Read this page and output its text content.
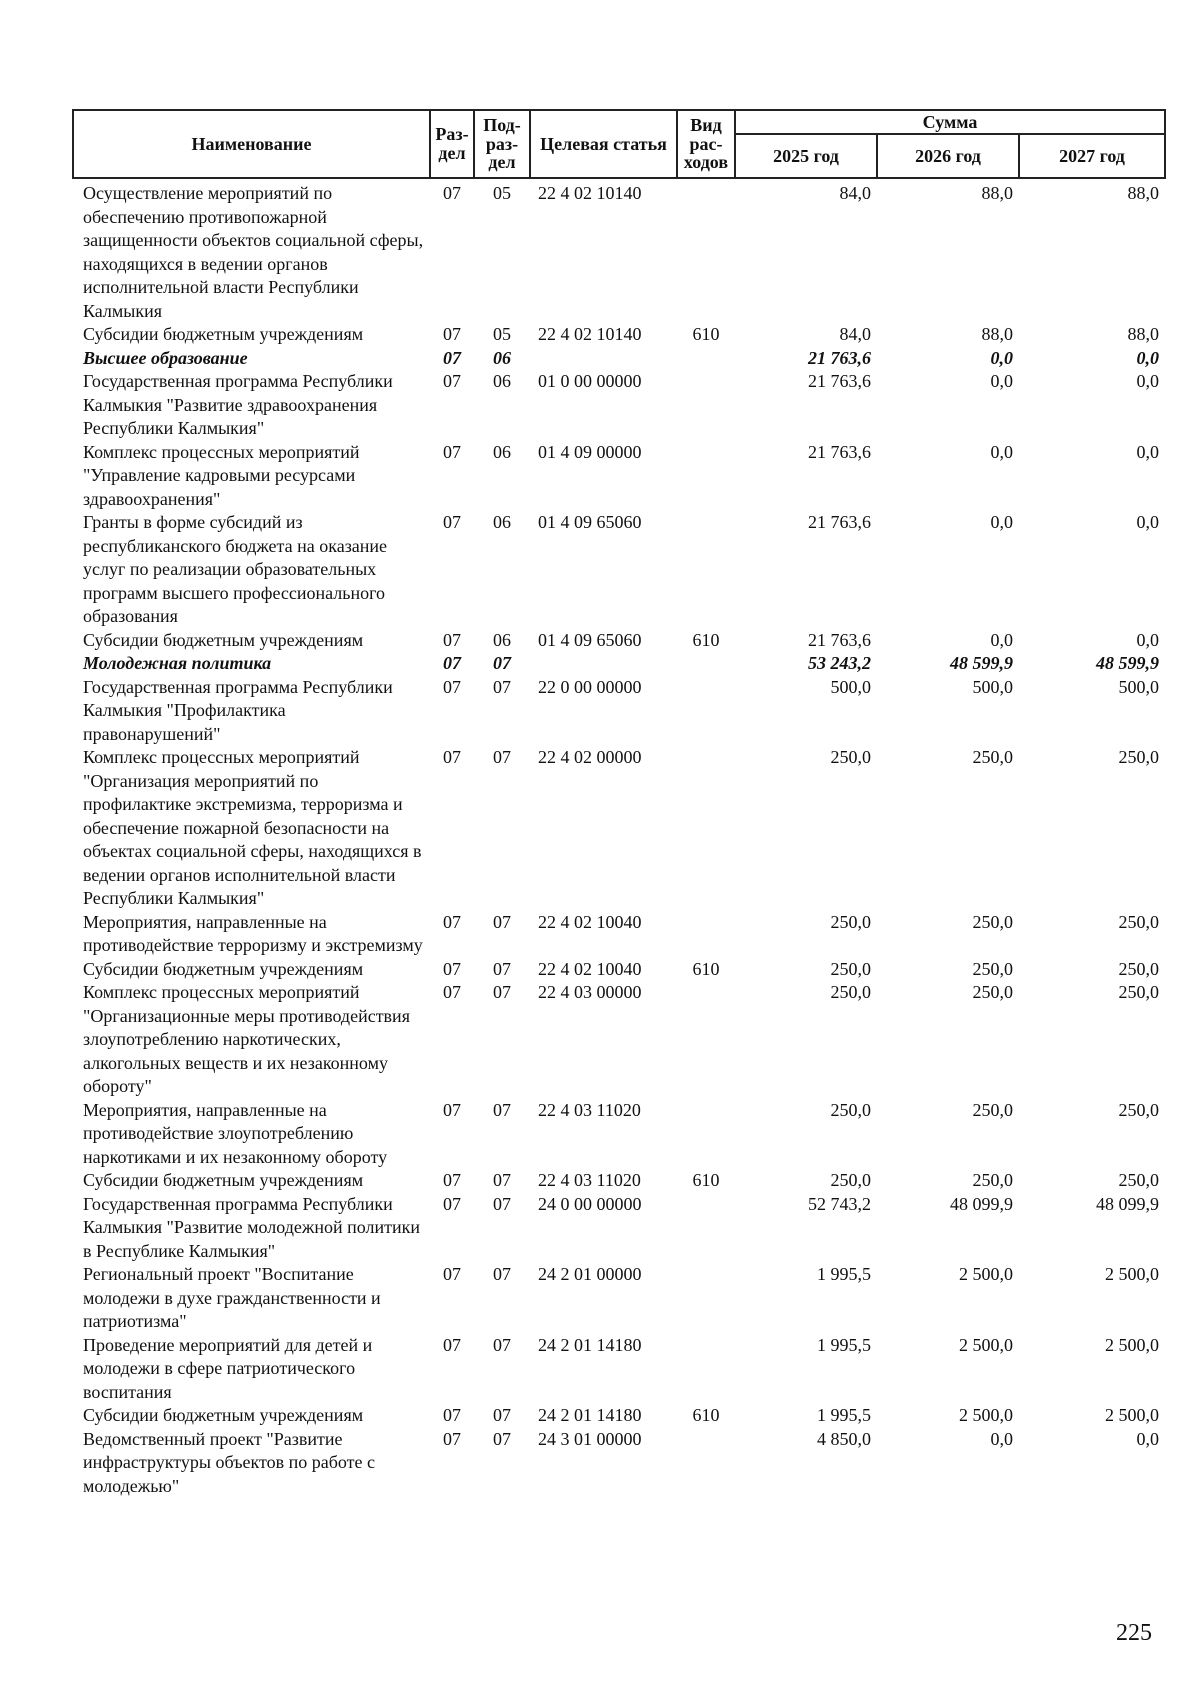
Наименование	Раз-дел	Под-раз-дел	Целевая статья	Вид рас-ходов	Сумма		
					2025 год	2026 год	2027 год
Осуществление мероприятий по обеспечению противопожарной защищенности объектов социальной сферы, находящихся в ведении органов исполнительной власти Республики Калмыкия	07	05	22 4 02 10140		84,0	88,0	88,0
Субсидии бюджетным учреждениям	07	05	22 4 02 10140	610	84,0	88,0	88,0
Высшее образование	07	06			21 763,6	0,0	0,0
Государственная программа Республики Калмыкия "Развитие здравоохранения Республики Калмыкия"	07	06	01 0 00 00000		21 763,6	0,0	0,0
Комплекс процессных мероприятий "Управление кадровыми ресурсами здравоохранения"	07	06	01 4 09 00000		21 763,6	0,0	0,0
Гранты в форме субсидий из республиканского бюджета на оказание услуг по реализации образовательных программ высшего профессионального образования	07	06	01 4 09 65060		21 763,6	0,0	0,0
Субсидии бюджетным учреждениям	07	06	01 4 09 65060	610	21 763,6	0,0	0,0
Молодежная политика	07	07			53 243,2	48 599,9	48 599,9
Государственная программа Республики Калмыкия "Профилактика правонарушений"	07	07	22 0 00 00000		500,0	500,0	500,0
Комплекс процессных мероприятий "Организация мероприятий по профилактике экстремизма, терроризма и обеспечение пожарной безопасности на объектах социальной сферы, находящихся в ведении органов исполнительной власти Республики Калмыкия"	07	07	22 4 02 00000		250,0	250,0	250,0
Мероприятия, направленные на противодействие терроризму и экстремизму	07	07	22 4 02 10040		250,0	250,0	250,0
Субсидии бюджетным учреждениям	07	07	22 4 02 10040	610	250,0	250,0	250,0
Комплекс процессных мероприятий "Организационные меры противодействия злоупотреблению наркотических, алкогольных веществ и их незаконному обороту"	07	07	22 4 03 00000		250,0	250,0	250,0
Мероприятия, направленные на противодействие злоупотреблению наркотиками и их незаконному обороту	07	07	22 4 03 11020		250,0	250,0	250,0
Субсидии бюджетным учреждениям	07	07	22 4 03 11020	610	250,0	250,0	250,0
Государственная программа Республики Калмыкия "Развитие молодежной политики в Республике Калмыкия"	07	07	24 0 00 00000		52 743,2	48 099,9	48 099,9
Региональный проект "Воспитание молодежи в духе гражданственности и патриотизма"	07	07	24 2 01 00000		1 995,5	2 500,0	2 500,0
Проведение мероприятий для детей и молодежи в сфере патриотического воспитания	07	07	24 2 01 14180		1 995,5	2 500,0	2 500,0
Субсидии бюджетным учреждениям	07	07	24 2 01 14180	610	1 995,5	2 500,0	2 500,0
Ведомственный проект "Развитие инфраструктуры объектов по работе с молодежью"	07	07	24 3 01 00000		4 850,0	0,0	0,0
225
